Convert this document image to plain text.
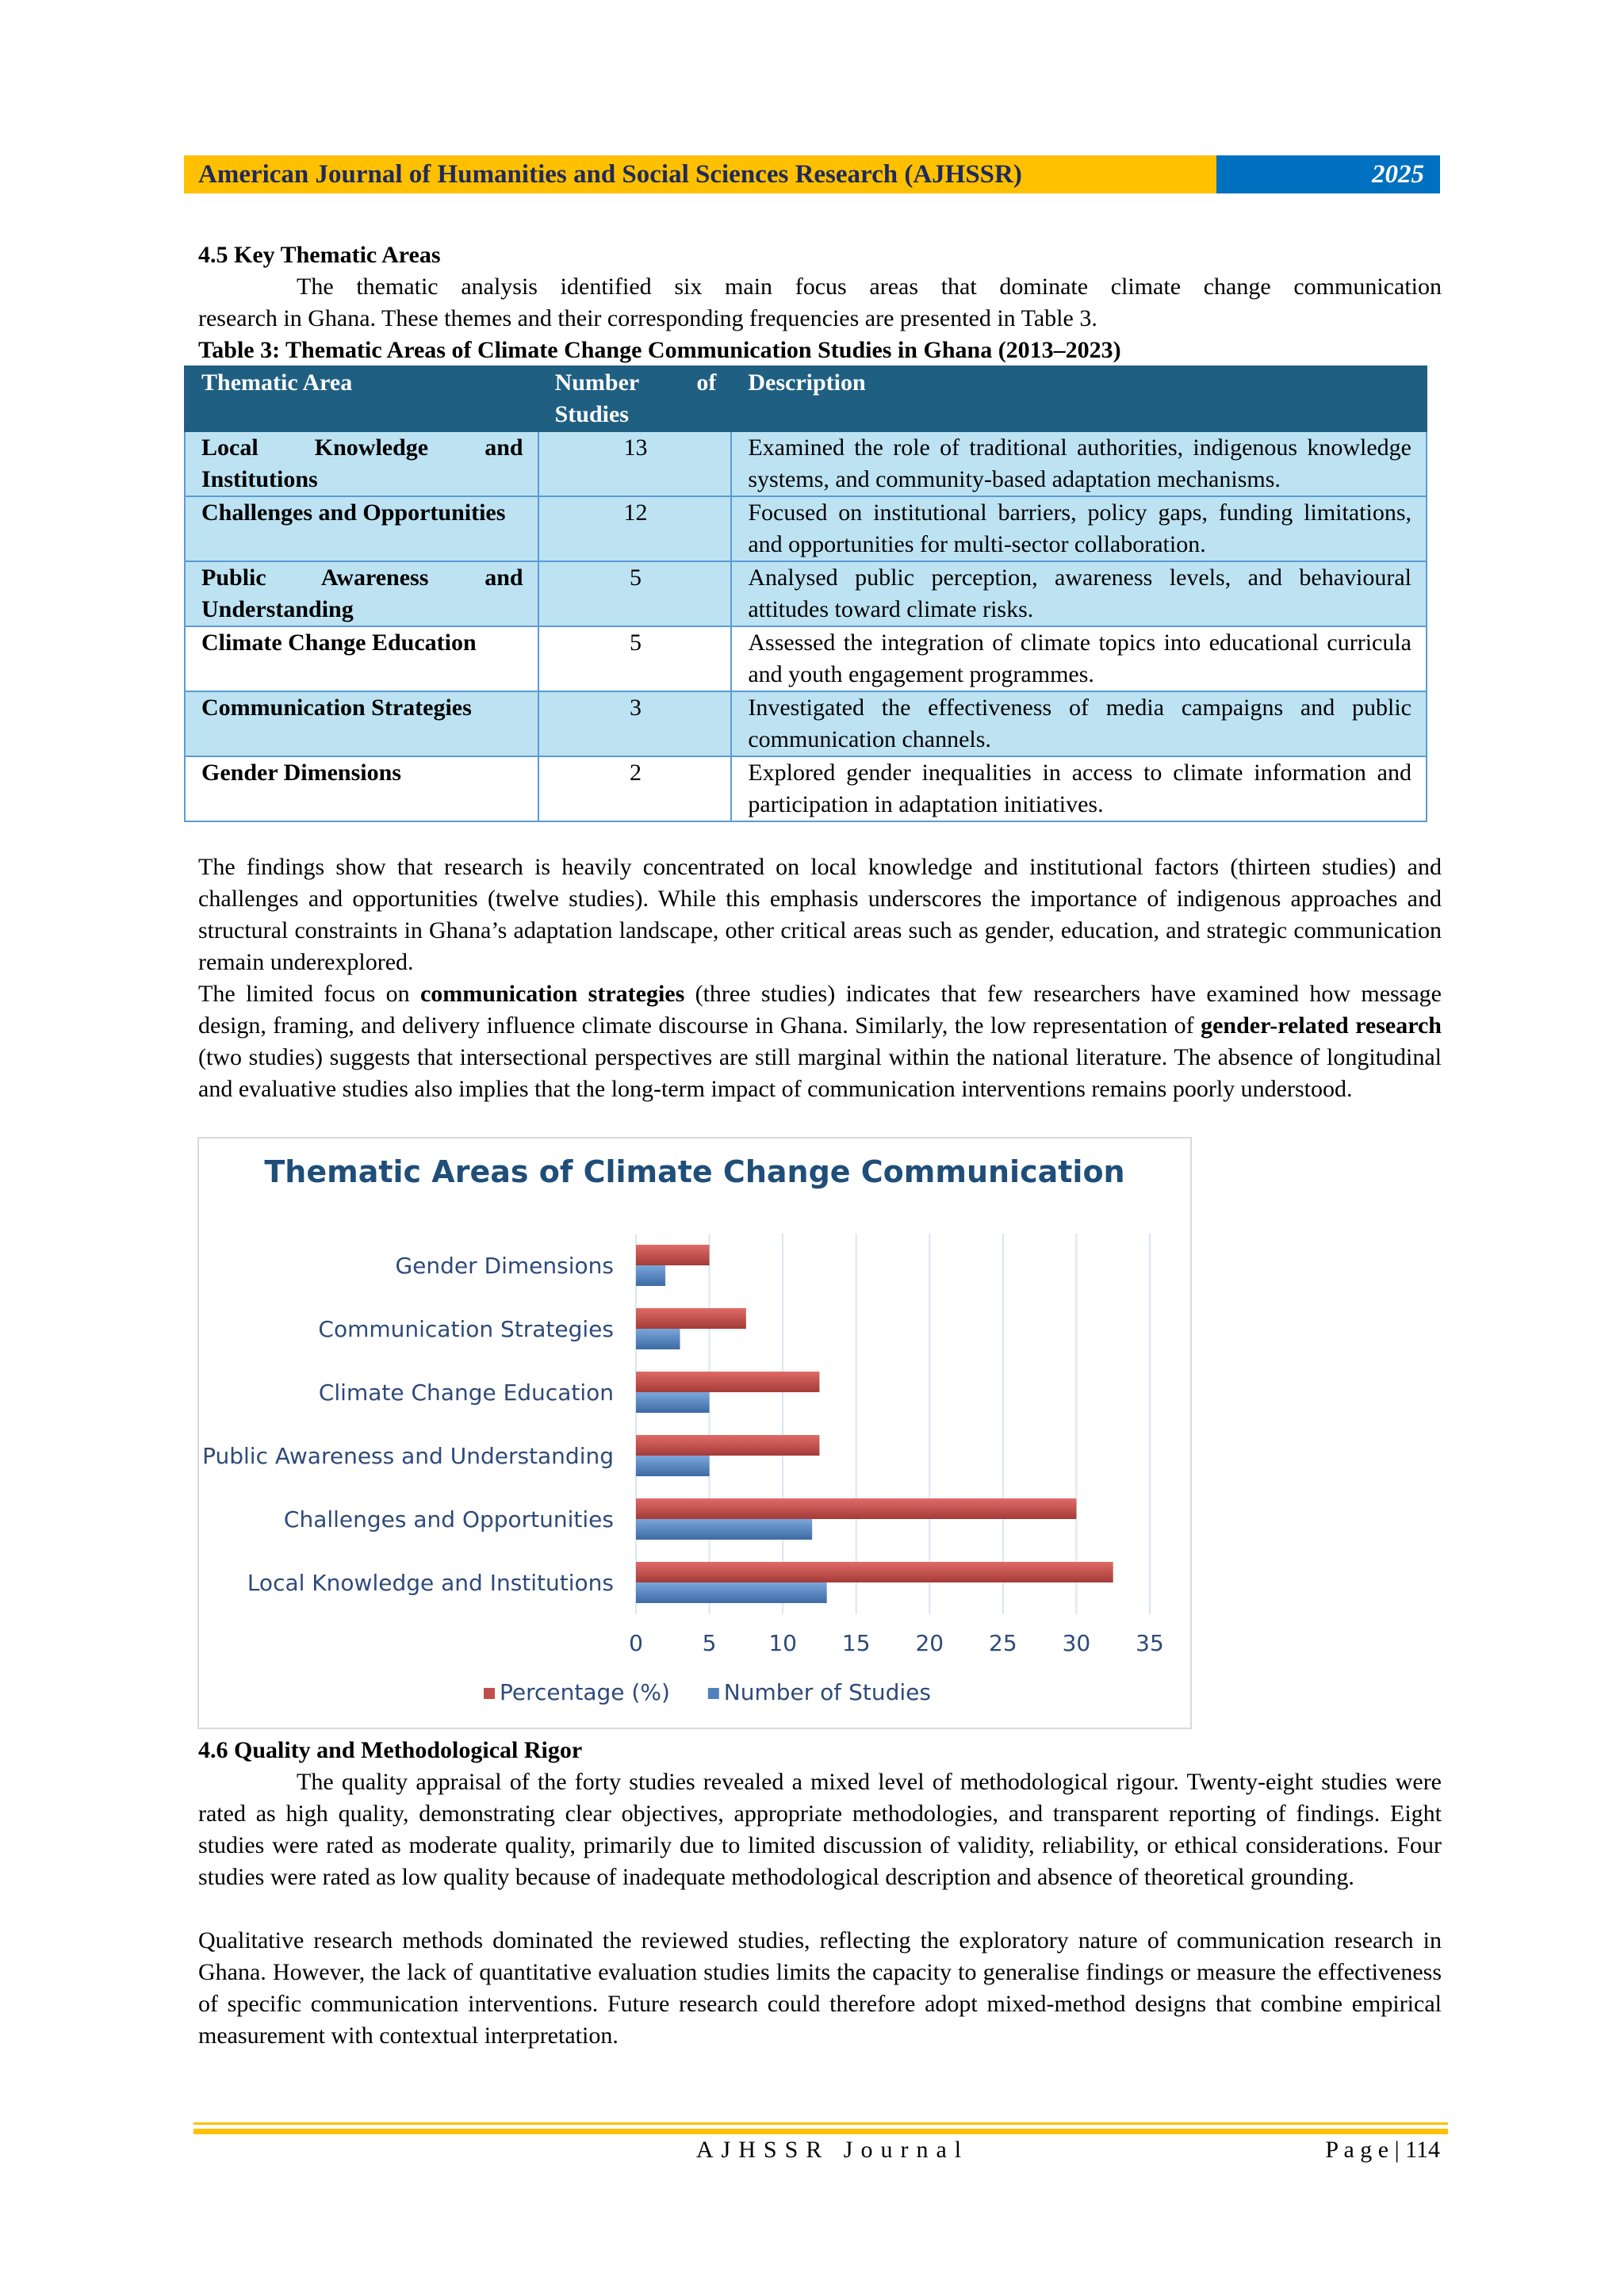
American Journal of Humanities and Social Sciences Research (AJHSSR)	2025
4.5 Key Thematic Areas
The thematic analysis identified six main focus areas that dominate climate change communication
research in Ghana. These themes and their corresponding frequencies are presented in Table 3.
Table 3: Thematic Areas of Climate Change Communication Studies in Ghana (2013–2023)
Thematic Area	Number of Studies	Description
Local Knowledge and Institutions	13	Examined the role of traditional authorities, indigenous knowledge systems, and community-based adaptation mechanisms.
Challenges and Opportunities	12	Focused on institutional barriers, policy gaps, funding limitations, and opportunities for multi-sector collaboration.
Public Awareness and Understanding	5	Analysed public perception, awareness levels, and behavioural attitudes toward climate risks.
Climate Change Education	5	Assessed the integration of climate topics into educational curricula and youth engagement programmes.
Communication Strategies	3	Investigated the effectiveness of media campaigns and public communication channels.
Gender Dimensions	2	Explored gender inequalities in access to climate information and participation in adaptation initiatives.
The findings show that research is heavily concentrated on local knowledge and institutional factors (thirteen studies) and challenges and opportunities (twelve studies). While this emphasis underscores the importance of indigenous approaches and structural constraints in Ghana’s adaptation landscape, other critical areas such as gender, education, and strategic communication remain underexplored.
The limited focus on communication strategies (three studies) indicates that few researchers have examined how message design, framing, and delivery influence climate discourse in Ghana. Similarly, the low representation of gender-related research (two studies) suggests that intersectional perspectives are still marginal within the national literature. The absence of longitudinal and evaluative studies also implies that the long-term impact of communication interventions remains poorly understood.
Thematic Areas of Climate Change Communication
Local Knowledge and Institutions
Challenges and Opportunities
Public Awareness and Understanding
Climate Change Education
Communication Strategies
Gender Dimensions
0	5 10 15 20 25 30 35
Percentage (%) Number of Studies
4.6 Quality and Methodological Rigor
The quality appraisal of the forty studies revealed a mixed level of methodological rigour. Twenty-eight studies were rated as high quality, demonstrating clear objectives, appropriate methodologies, and transparent reporting of findings. Eight studies were rated as moderate quality, primarily due to limited discussion of validity, reliability, or ethical considerations. Four studies were rated as low quality because of inadequate methodological description and absence of theoretical grounding.
Qualitative research methods dominated the reviewed studies, reflecting the exploratory nature of communication research in Ghana. However, the lack of quantitative evaluation studies limits the capacity to generalise findings or measure the effectiveness of specific communication interventions. Future research could therefore adopt mixed-method designs that combine empirical measurement with contextual interpretation.
AJHSSR Journal	P a g e | 114
